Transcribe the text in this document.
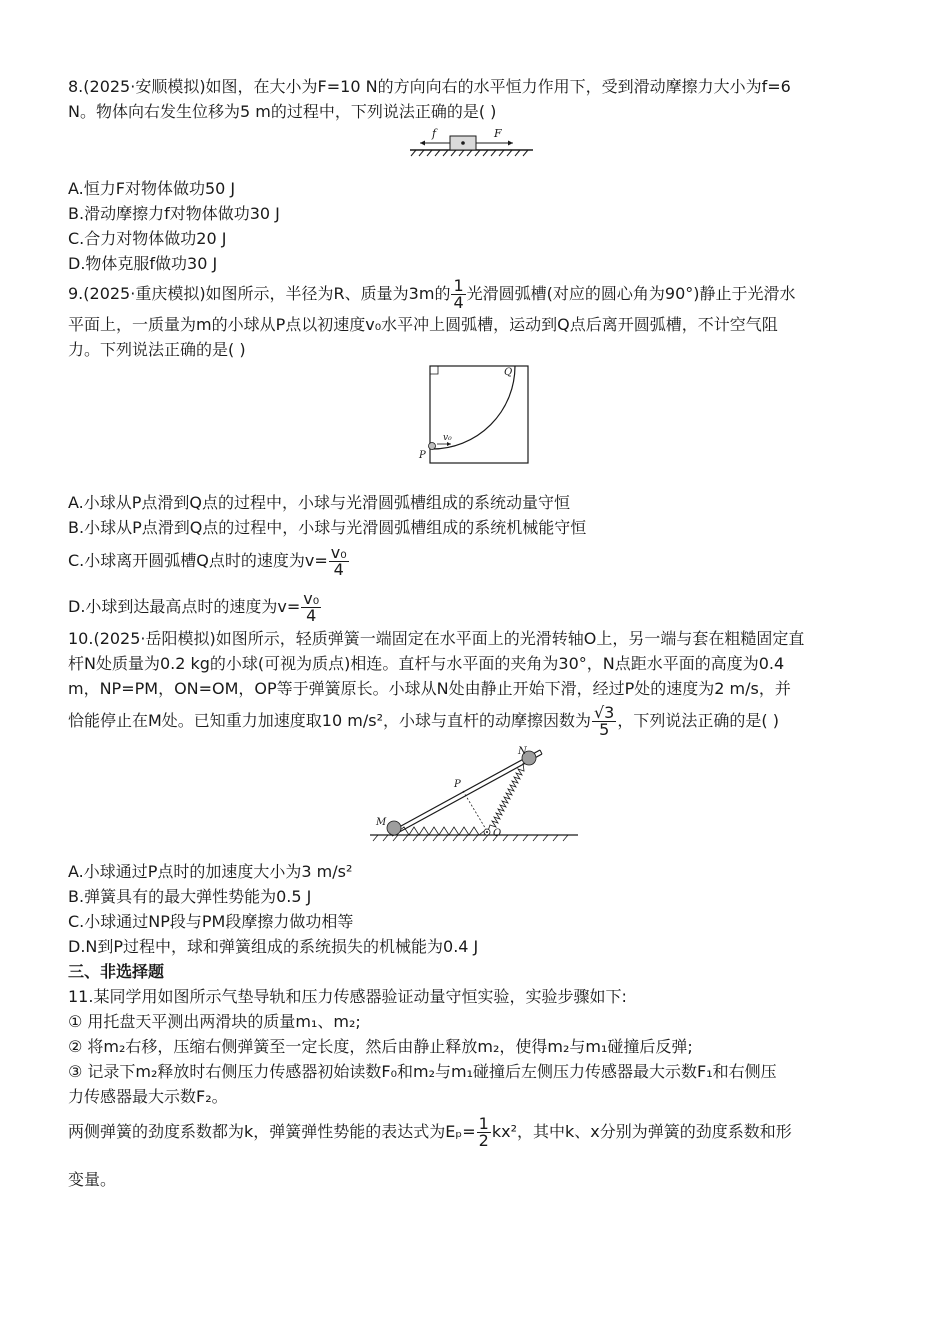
8.(2025·安顺模拟)如图，在大小为F=10 N的方向向右的水平恒力作用下，受到滑动摩擦力大小为f=6
N。物体向右发生位移为5 m的过程中，下列说法正确的是( )
f	F
A.恒力F对物体做功50 J
B.滑动摩擦力f对物体做功30 J
C.合力对物体做功20 J
D.物体克服f做功30 J
9.(2025·重庆模拟)如图所示，半径为R、质量为3m的 $\frac{1}{4}$ 光滑圆弧槽(对应的圆心角为90°)静止于光滑水
平面上，一质量为m的小球从P点以初速度v₀水平冲上圆弧槽，运动到Q点后离开圆弧槽，不计空气阻
力。下列说法正确的是( )
v₀
Q
P
A.小球从P点滑到Q点的过程中，小球与光滑圆弧槽组成的系统动量守恒
B.小球从P点滑到Q点的过程中，小球与光滑圆弧槽组成的系统机械能守恒
C.小球离开圆弧槽Q点时的速度为$v= \frac{\text{v₀}}{4}$
D.小球到达最高点时的速度为$v= \frac{\text{v₀}}{4}$
10.(2025·岳阳模拟)如图所示，轻质弹簧一端固定在水平面上的光滑转轴O上，另一端与套在粗糙固定直
杆N处质量为0.2 kg的小球(可视为质点)相连。直杆与水平面的夹角为30°，N点距水平面的高度为0.4
m，NP=PM，ON=OM，OP等于弹簧原长。小球从N处由静止开始下滑，经过P处的速度为2 m/s，并
恰能停止在M处。已知重力加速度取10 m/s²，小球与直杆的动摩擦因数为 $\frac{√3}{5}$ ，下列说法正确的是( )
N
P
M
O
A.小球通过P点时的加速度大小为3 m/s²
B.弹簧具有的最大弹性势能为0.5 J
C.小球通过NP段与PM段摩擦力做功相等
D.N到P过程中，球和弹簧组成的系统损失的机械能为0.4 J
三、非选择题
11.某同学用如图所示气垫导轨和压力传感器验证动量守恒实验，实验步骤如下:
① 用托盘天平测出两滑块的质量m₁、m₂;
② 将m₂右移，压缩右侧弹簧至一定长度，然后由静止释放m₂，使得m₂与m₁碰撞后反弹;
③ 记录下m₂释放时右侧压力传感器初始读数F₀和m₂与m₁碰撞后左侧压力传感器最大示数F₁和右侧压
力传感器最大示数F₂。
两侧弹簧的劲度系数都为k，弹簧弹性势能的表达式为$E_p= \frac{1}{2} kx^2$，其中k、x分别为弹簧的劲度系数和形
变量。
